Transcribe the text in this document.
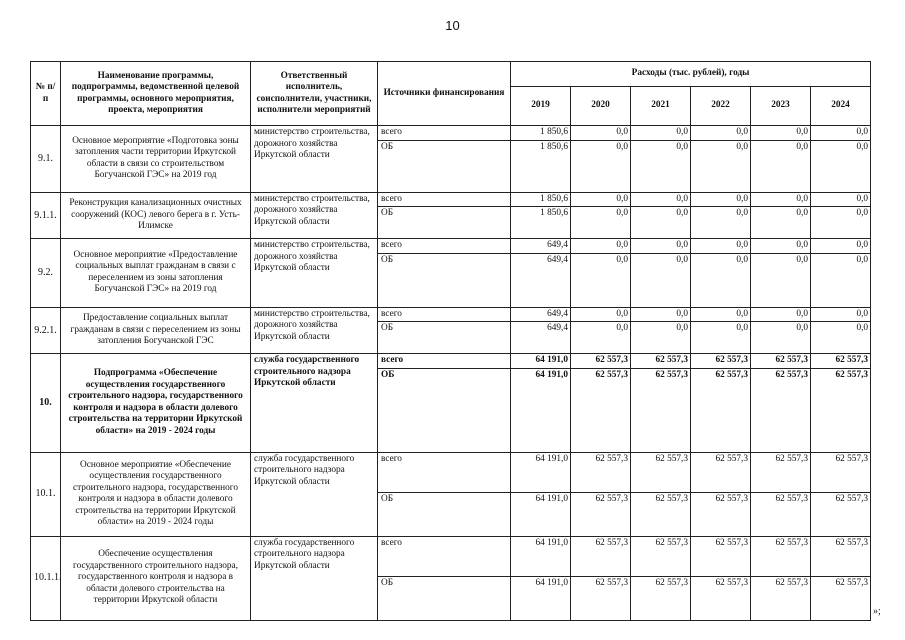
10
№ п/п	Наименование программы, подпрограммы, ведомственной целевой программы, основного мероприятия, проекта, мероприятия	Ответственный исполнитель, соисполнители, участники, исполнители мероприятий	Источники финансирования	Расходы (тыс. рублей), годы					
				2019	2020	2021	2022	2023	2024
9.1.	Основное мероприятие «Подготовка зоны затопления части территории Иркутской области в связи со строительством Богучанской ГЭС» на 2019 год	министерство строительства, дорожного хозяйства Иркутской области	всего	1 850,6	0,0	0,0	0,0	0,0	0,0
			ОБ	1 850,6	0,0	0,0	0,0	0,0	0,0
9.1.1.	Реконструкция канализационных очистных сооружений (КОС) левого берега в г. Усть-Илимске	министерство строительства, дорожного хозяйства Иркутской области	всего	1 850,6	0,0	0,0	0,0	0,0	0,0
			ОБ	1 850,6	0,0	0,0	0,0	0,0	0,0
9.2.	Основное мероприятие «Предоставление социальных выплат гражданам в связи с переселением из зоны затопления Богучанской ГЭС» на 2019 год	министерство строительства, дорожного хозяйства Иркутской области	всего	649,4	0,0	0,0	0,0	0,0	0,0
			ОБ	649,4	0,0	0,0	0,0	0,0	0,0
9.2.1.	Предоставление социальных выплат гражданам в связи с переселением из зоны затопления Богучанской ГЭС	министерство строительства, дорожного хозяйства Иркутской области	всего	649,4	0,0	0,0	0,0	0,0	0,0
			ОБ	649,4	0,0	0,0	0,0	0,0	0,0
10.	Подпрограмма «Обеспечение осуществления государственного строительного надзора, государственного контроля и надзора в области долевого строительства на территории Иркутской области» на 2019 - 2024 годы	служба государственного строительного надзора Иркутской области	всего	64 191,0	62 557,3	62 557,3	62 557,3	62 557,3	62 557,3
			ОБ	64 191,0	62 557,3	62 557,3	62 557,3	62 557,3	62 557,3
10.1.	Основное мероприятие «Обеспечение осуществления государственного строительного надзора, государственного контроля и надзора в области долевого строительства на территории Иркутской области» на 2019 - 2024 годы	служба государственного строительного надзора Иркутской области	всего	64 191,0	62 557,3	62 557,3	62 557,3	62 557,3	62 557,3
			ОБ	64 191,0	62 557,3	62 557,3	62 557,3	62 557,3	62 557,3
10.1.1.	Обеспечение осуществления государственного строительного надзора, государственного контроля и надзора в области долевого строительства на территории Иркутской области	служба государственного строительного надзора Иркутской области	всего	64 191,0	62 557,3	62 557,3	62 557,3	62 557,3	62 557,3
			ОБ	64 191,0	62 557,3	62 557,3	62 557,3	62 557,3	62 557,3
»;
